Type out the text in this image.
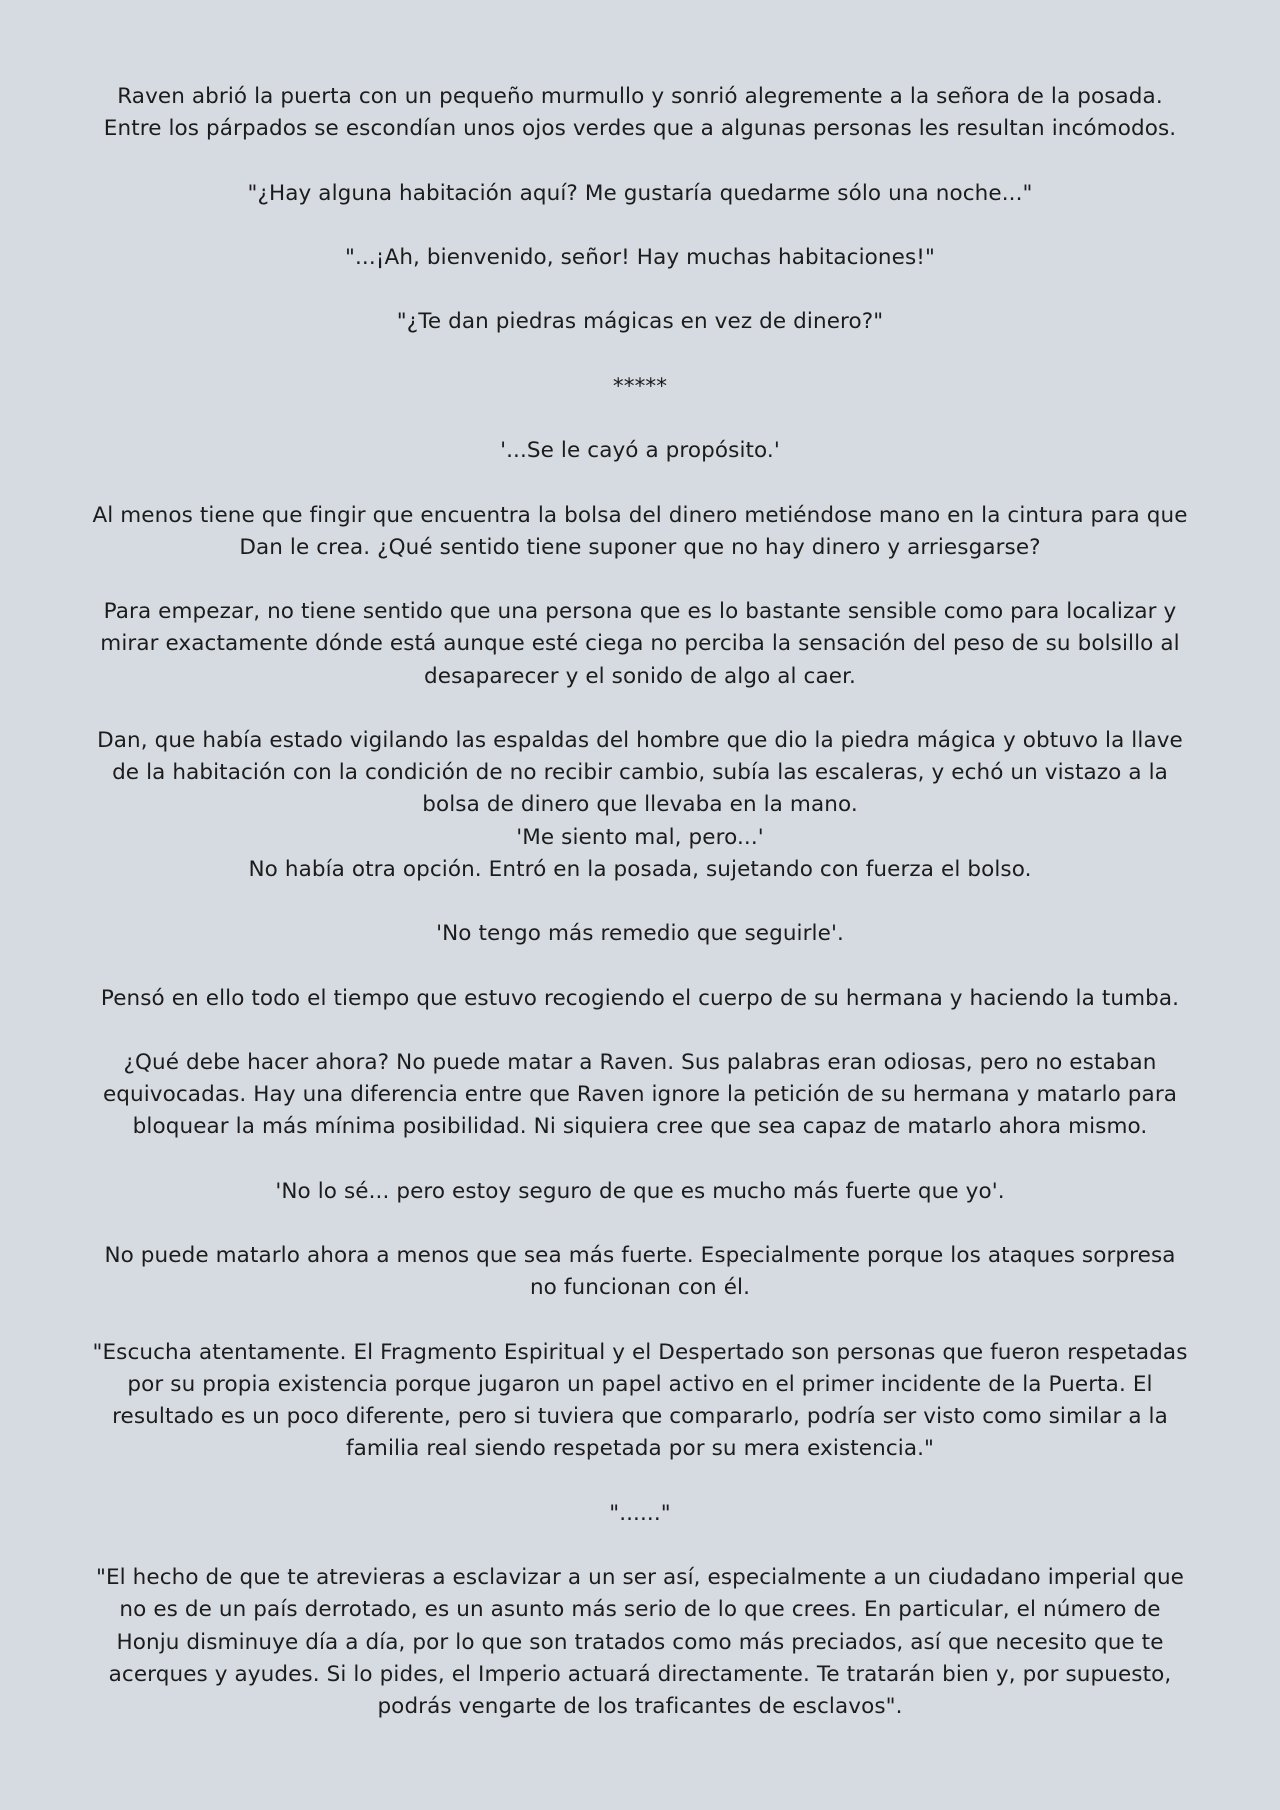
Raven abrió la puerta con un pequeño murmullo y sonrió alegremente a la señora de la posada.
Entre los párpados se escondían unos ojos verdes que a algunas personas les resultan incómodos.

"¿Hay alguna habitación aquí? Me gustaría quedarme sólo una noche..."

"...¡Ah, bienvenido, señor! Hay muchas habitaciones!"

"¿Te dan piedras mágicas en vez de dinero?"

*****

'...Se le cayó a propósito.'

Al menos tiene que fingir que encuentra la bolsa del dinero metiéndose mano en la cintura para que
Dan le crea. ¿Qué sentido tiene suponer que no hay dinero y arriesgarse?

Para empezar, no tiene sentido que una persona que es lo bastante sensible como para localizar y
mirar exactamente dónde está aunque esté ciega no perciba la sensación del peso de su bolsillo al
desaparecer y el sonido de algo al caer.

Dan, que había estado vigilando las espaldas del hombre que dio la piedra mágica y obtuvo la llave
de la habitación con la condición de no recibir cambio, subía las escaleras, y echó un vistazo a la
bolsa de dinero que llevaba en la mano.
'Me siento mal, pero...'
No había otra opción. Entró en la posada, sujetando con fuerza el bolso.

'No tengo más remedio que seguirle'.

Pensó en ello todo el tiempo que estuvo recogiendo el cuerpo de su hermana y haciendo la tumba.

¿Qué debe hacer ahora? No puede matar a Raven. Sus palabras eran odiosas, pero no estaban
equivocadas. Hay una diferencia entre que Raven ignore la petición de su hermana y matarlo para
bloquear la más mínima posibilidad. Ni siquiera cree que sea capaz de matarlo ahora mismo.

'No lo sé... pero estoy seguro de que es mucho más fuerte que yo'.

No puede matarlo ahora a menos que sea más fuerte. Especialmente porque los ataques sorpresa
no funcionan con él.

"Escucha atentamente. El Fragmento Espiritual y el Despertado son personas que fueron respetadas
por su propia existencia porque jugaron un papel activo en el primer incidente de la Puerta. El
resultado es un poco diferente, pero si tuviera que compararlo, podría ser visto como similar a la
familia real siendo respetada por su mera existencia."

"......"

"El hecho de que te atrevieras a esclavizar a un ser así, especialmente a un ciudadano imperial que
no es de un país derrotado, es un asunto más serio de lo que crees. En particular, el número de
Honju disminuye día a día, por lo que son tratados como más preciados, así que necesito que te
acerques y ayudes. Si lo pides, el Imperio actuará directamente. Te tratarán bien y, por supuesto,
podrás vengarte de los traficantes de esclavos".
